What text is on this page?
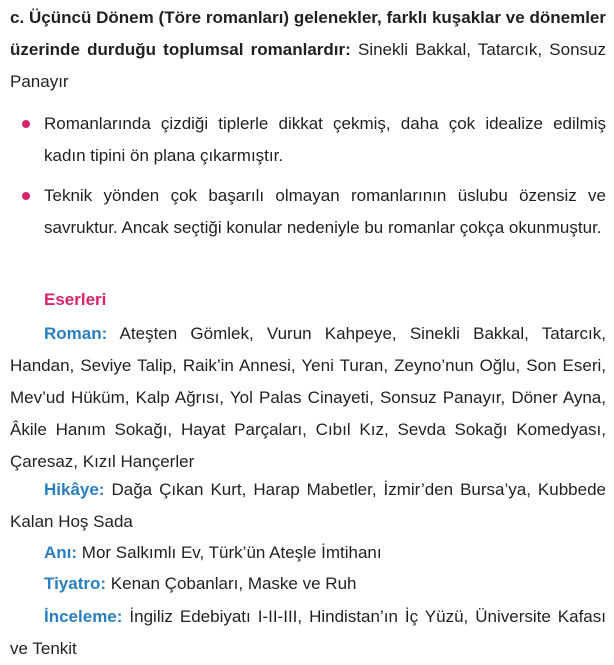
c. Üçüncü Dönem (Töre romanları) gelenekler, farklı kuşaklar ve dönemler üzerinde durduğu toplumsal romanlardır: Sinekli Bakkal, Tatarcık, Sonsuz Panayır

Romanlarında çizdiği tiplerle dikkat çekmiş, daha çok idealize edilmiş kadın tipini ön plana çıkarmıştır.
Teknik yönden çok başarılı olmayan romanlarının üslubu özensiz ve savruktur. Ancak seçtiği konular nedeniyle bu romanlar çokça okunmuştur.
Eserleri
Roman: Ateşten Gömlek, Vurun Kahpeye, Sinekli Bakkal, Tatarcık, Handan, Seviye Talip, Raik’in Annesi, Yeni Turan, Zeyno’nun Oğlu, Son Eseri, Mev’ud Hüküm, Kalp Ağrısı, Yol Palas Cinayeti, Sonsuz Panayır, Döner Ayna, Âkile Hanım Sokağı, Hayat Parçaları, Cıbıl Kız, Sevda Sokağı Komedyası, Çaresaz, Kızıl Hançerler
Hikâye: Dağa Çıkan Kurt, Harap Mabetler, İzmir’den Bursa’ya, Kubbede Kalan Hoş Sada
Anı: Mor Salkımlı Ev, Türk’ün Ateşle İmtihanı
Tiyatro: Kenan Çobanları, Maske ve Ruh
İnceleme: İngiliz Edebiyatı I-II-III, Hindistan’ın İç Yüzü, Üniversite Kafası ve Tenkit
